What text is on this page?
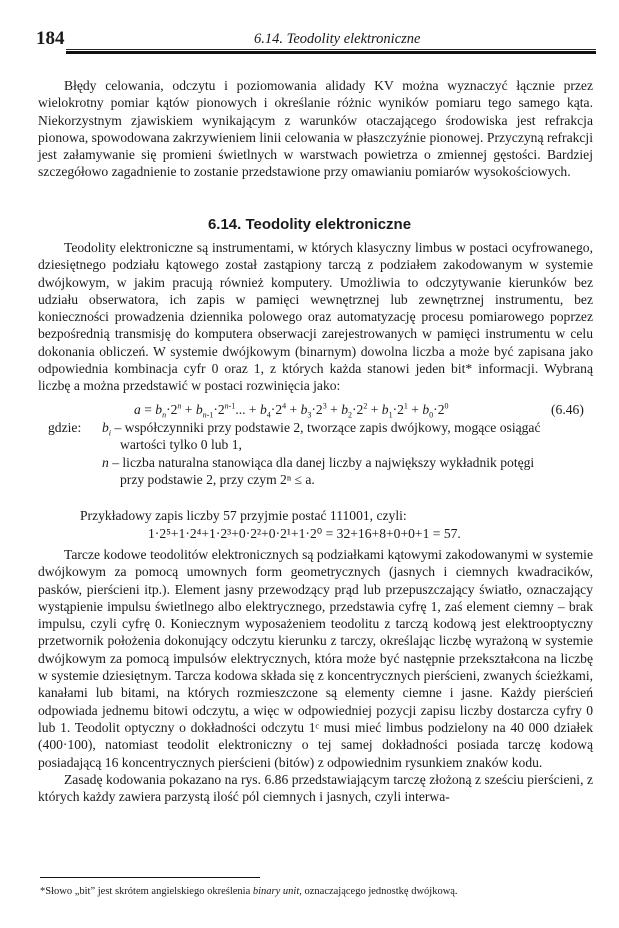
184	6.14. Teodolity elektroniczne

Błędy celowania, odczytu i poziomowania alidady KV można wyznaczyć łącznie przez wielokrotny pomiar kątów pionowych i określanie różnic wyników pomiaru tego samego kąta. Niekorzystnym zjawiskiem wynikającym z warunków otaczającego środowiska jest refrakcja pionowa, spowodowana zakrzywieniem linii celowania w płaszczyźnie pionowej. Przyczyną refrakcji jest załamywanie się promieni świetlnych w warstwach powietrza o zmiennej gęstości. Bardziej szczegółowo zagadnienie to zostanie przedstawione przy omawianiu pomiarów wysokościowych.

6.14. Teodolity elektroniczne

Teodolity elektroniczne są instrumentami, w których klasyczny limbus w postaci ocyfrowanego, dziesiętnego podziału kątowego został zastąpiony tarczą z podziałem zakodowanym w systemie dwójkowym, w jakim pracują również komputery. Umożliwia to odczytywanie kierunków bez udziału obserwatora, ich zapis w pamięci wewnętrznej lub zewnętrznej instrumentu, bez konieczności prowadzenia dziennika polowego oraz automatyzację procesu pomiarowego poprzez bezpośrednią transmisję do komputera obserwacji zarejestrowanych w pamięci instrumentu w celu dokonania obliczeń. W systemie dwójkowym (binarnym) dowolna liczba a może być zapisana jako odpowiednia kombinacja cyfr 0 oraz 1, z których każda stanowi jeden bit* informacji. Wybraną liczbę a można przedstawić w postaci rozwinięcia jako:

$a = b_n\cdot 2^n + b_{n-1}\cdot 2^{n-1}$... + $b_4\cdot 2^4 + b_3\cdot 2^3 + b_2\cdot 2^2 + b_1\cdot 2^1 + b_0\cdot 2^0$	(6.46)
gdzie: $b_i$ – współczynniki przy podstawie 2, tworzące zapis dwójkowy, mogące osiągać
wartości tylko 0 lub 1,
n – liczba naturalna stanowiąca dla danej liczby a największy wykładnik potęgi
przy podstawie 2, przy czym 2ⁿ ≤ a.
Przykładowy zapis liczby 57 przyjmie postać 111001, czyli:
1·2⁵+1·2⁴+1·2³+0·2²+0·2¹+1·2⁰ = 32+16+8+0+0+1 = 57.

Tarcze kodowe teodolitów elektronicznych są podziałkami kątowymi zakodowanymi w systemie dwójkowym za pomocą umownych form geometrycznych (jasnych i ciemnych kwadracików, pasków, pierścieni itp.). Element jasny przewodzący prąd lub przepuszczający światło, oznaczający wystąpienie impulsu świetlnego albo elektrycznego, przedstawia cyfrę 1, zaś element ciemny – brak impulsu, czyli cyfrę 0. Koniecznym wyposażeniem teodolitu z tarczą kodową jest elektrooptyczny przetwornik położenia dokonujący odczytu kierunku z tarczy, określając liczbę wyrażoną w systemie dwójkowym za pomocą impulsów elektrycznych, która może być następnie przekształcona na liczbę w systemie dziesiętnym. Tarcza kodowa składa się z koncentrycznych pierścieni, zwanych ścieżkami, kanałami lub bitami, na których rozmieszczone są elementy ciemne i jasne. Każdy pierścień odpowiada jednemu bitowi odczytu, a więc w odpowiedniej pozycji zapisu liczby dostarcza cyfry 0 lub 1. Teodolit optyczny o dokładności odczytu 1ᶜ musi mieć limbus podzielony na 40 000 działek (400·100), natomiast teodolit elektroniczny o tej samej dokładności posiada tarczę kodową posiadającą 16 koncentrycznych pierścieni (bitów) z odpowiednim rysunkiem znaków kodu.

Zasadę kodowania pokazano na rys. 6.86 przedstawiającym tarczę złożoną z sześciu pierścieni, z których każdy zawiera parzystą ilość pól ciemnych i jasnych, czyli interwa-

*Słowo „bit” jest skrótem angielskiego określenia binary unit, oznaczającego jednostkę dwójkową.
